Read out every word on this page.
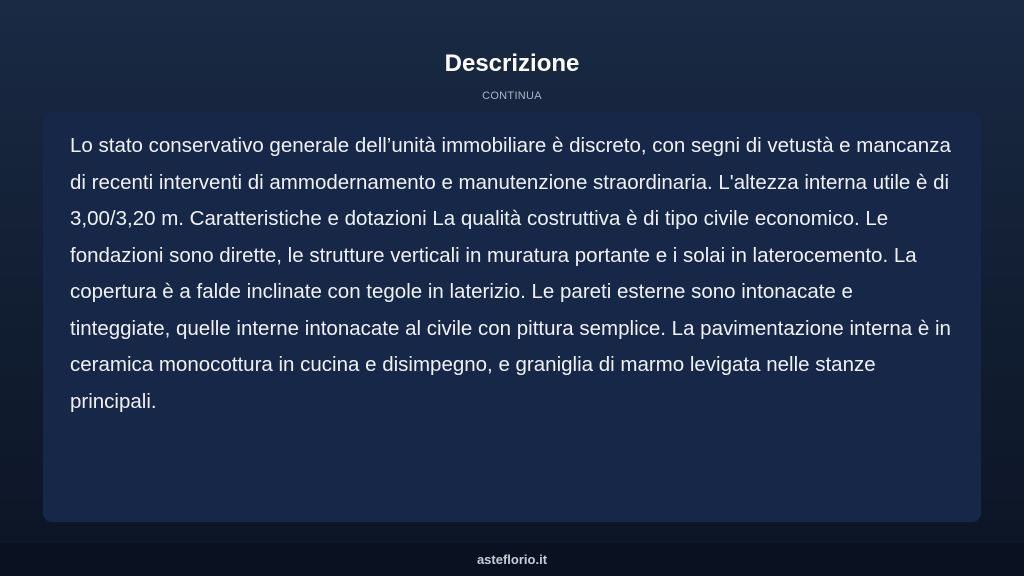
Descrizione
CONTINUA

Lo stato conservativo generale dell’unità immobiliare è discreto, con segni di vetustà e mancanza di recenti interventi di ammodernamento e manutenzione straordinaria. L'altezza interna utile è di 3,00/3,20 m. Caratteristiche e dotazioni La qualità costruttiva è di tipo civile economico. Le fondazioni sono dirette, le strutture verticali in muratura portante e i solai in laterocemento. La copertura è a falde inclinate con tegole in laterizio. Le pareti esterne sono intonacate e tinteggiate, quelle interne intonacate al civile con pittura semplice. La pavimentazione interna è in ceramica monocottura in cucina e disimpegno, e graniglia di marmo levigata nelle stanze principali.

asteflorio.it
